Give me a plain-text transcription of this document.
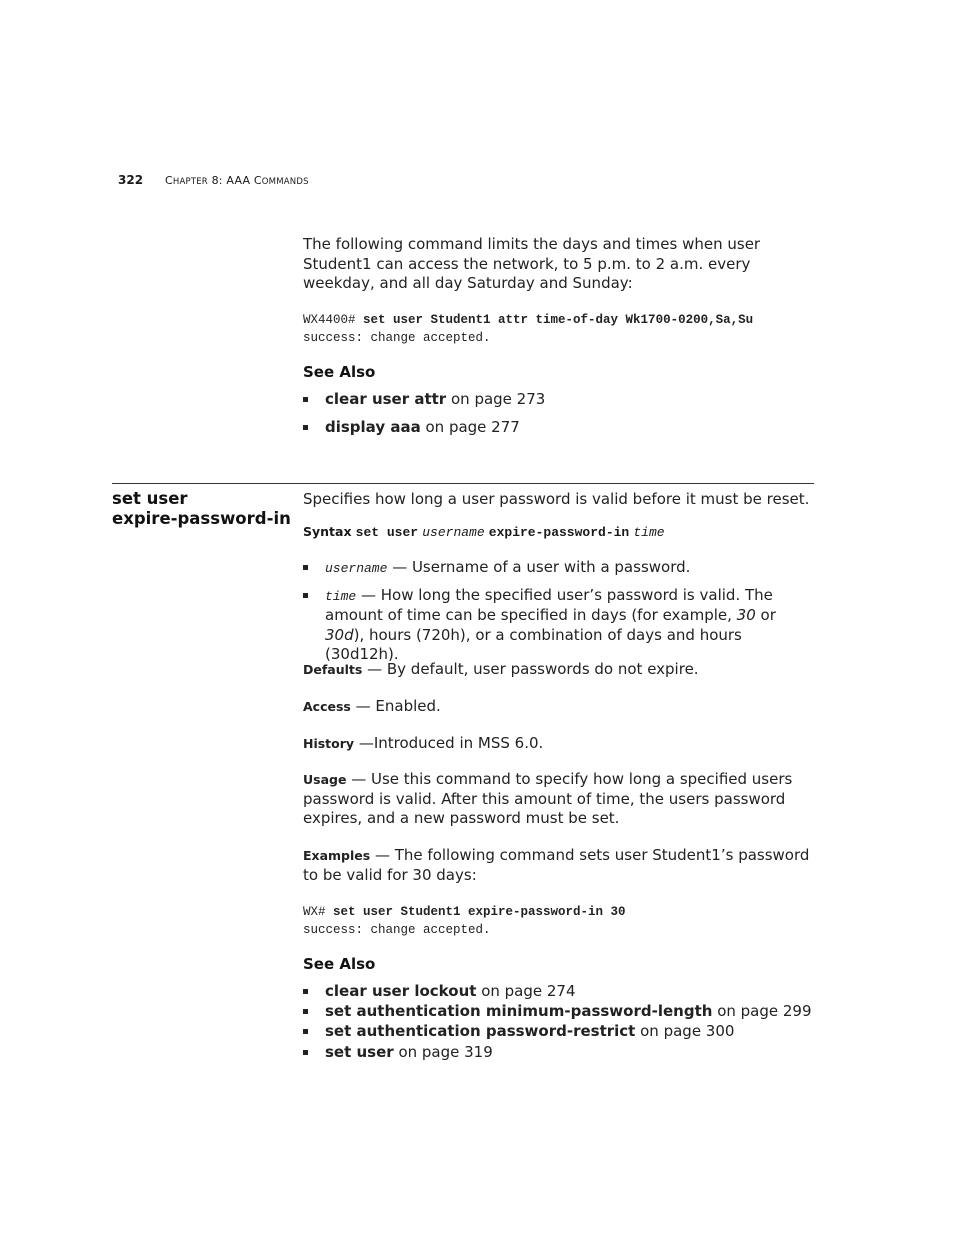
322 CHAPTER 8: AAA COMMANDS
The following command limits the days and times when user Student1 can access the network, to 5 p.m. to 2 a.m. every weekday, and all day Saturday and Sunday:
WX4400# set user Student1 attr time-of-day Wk1700-0200,Sa,Su
success: change accepted.
See Also
clear user attr on page 273
display aaa on page 277
set user
expire-password-in
Specifies how long a user password is valid before it must be reset.
Syntax set user username expire-password-in time
username — Username of a user with a password.
time — How long the specified user’s password is valid. The amount of time can be specified in days (for example, 30 or 30d), hours (720h), or a combination of days and hours (30d12h).
Defaults — By default, user passwords do not expire.
Access — Enabled.
History —Introduced in MSS 6.0.
Usage — Use this command to specify how long a specified users password is valid. After this amount of time, the users password expires, and a new password must be set.
Examples — The following command sets user Student1’s password to be valid for 30 days:
WX# set user Student1 expire-password-in 30
success: change accepted.
See Also
clear user lockout on page 274
set authentication minimum-password-length on page 299
set authentication password-restrict on page 300
set user on page 319
